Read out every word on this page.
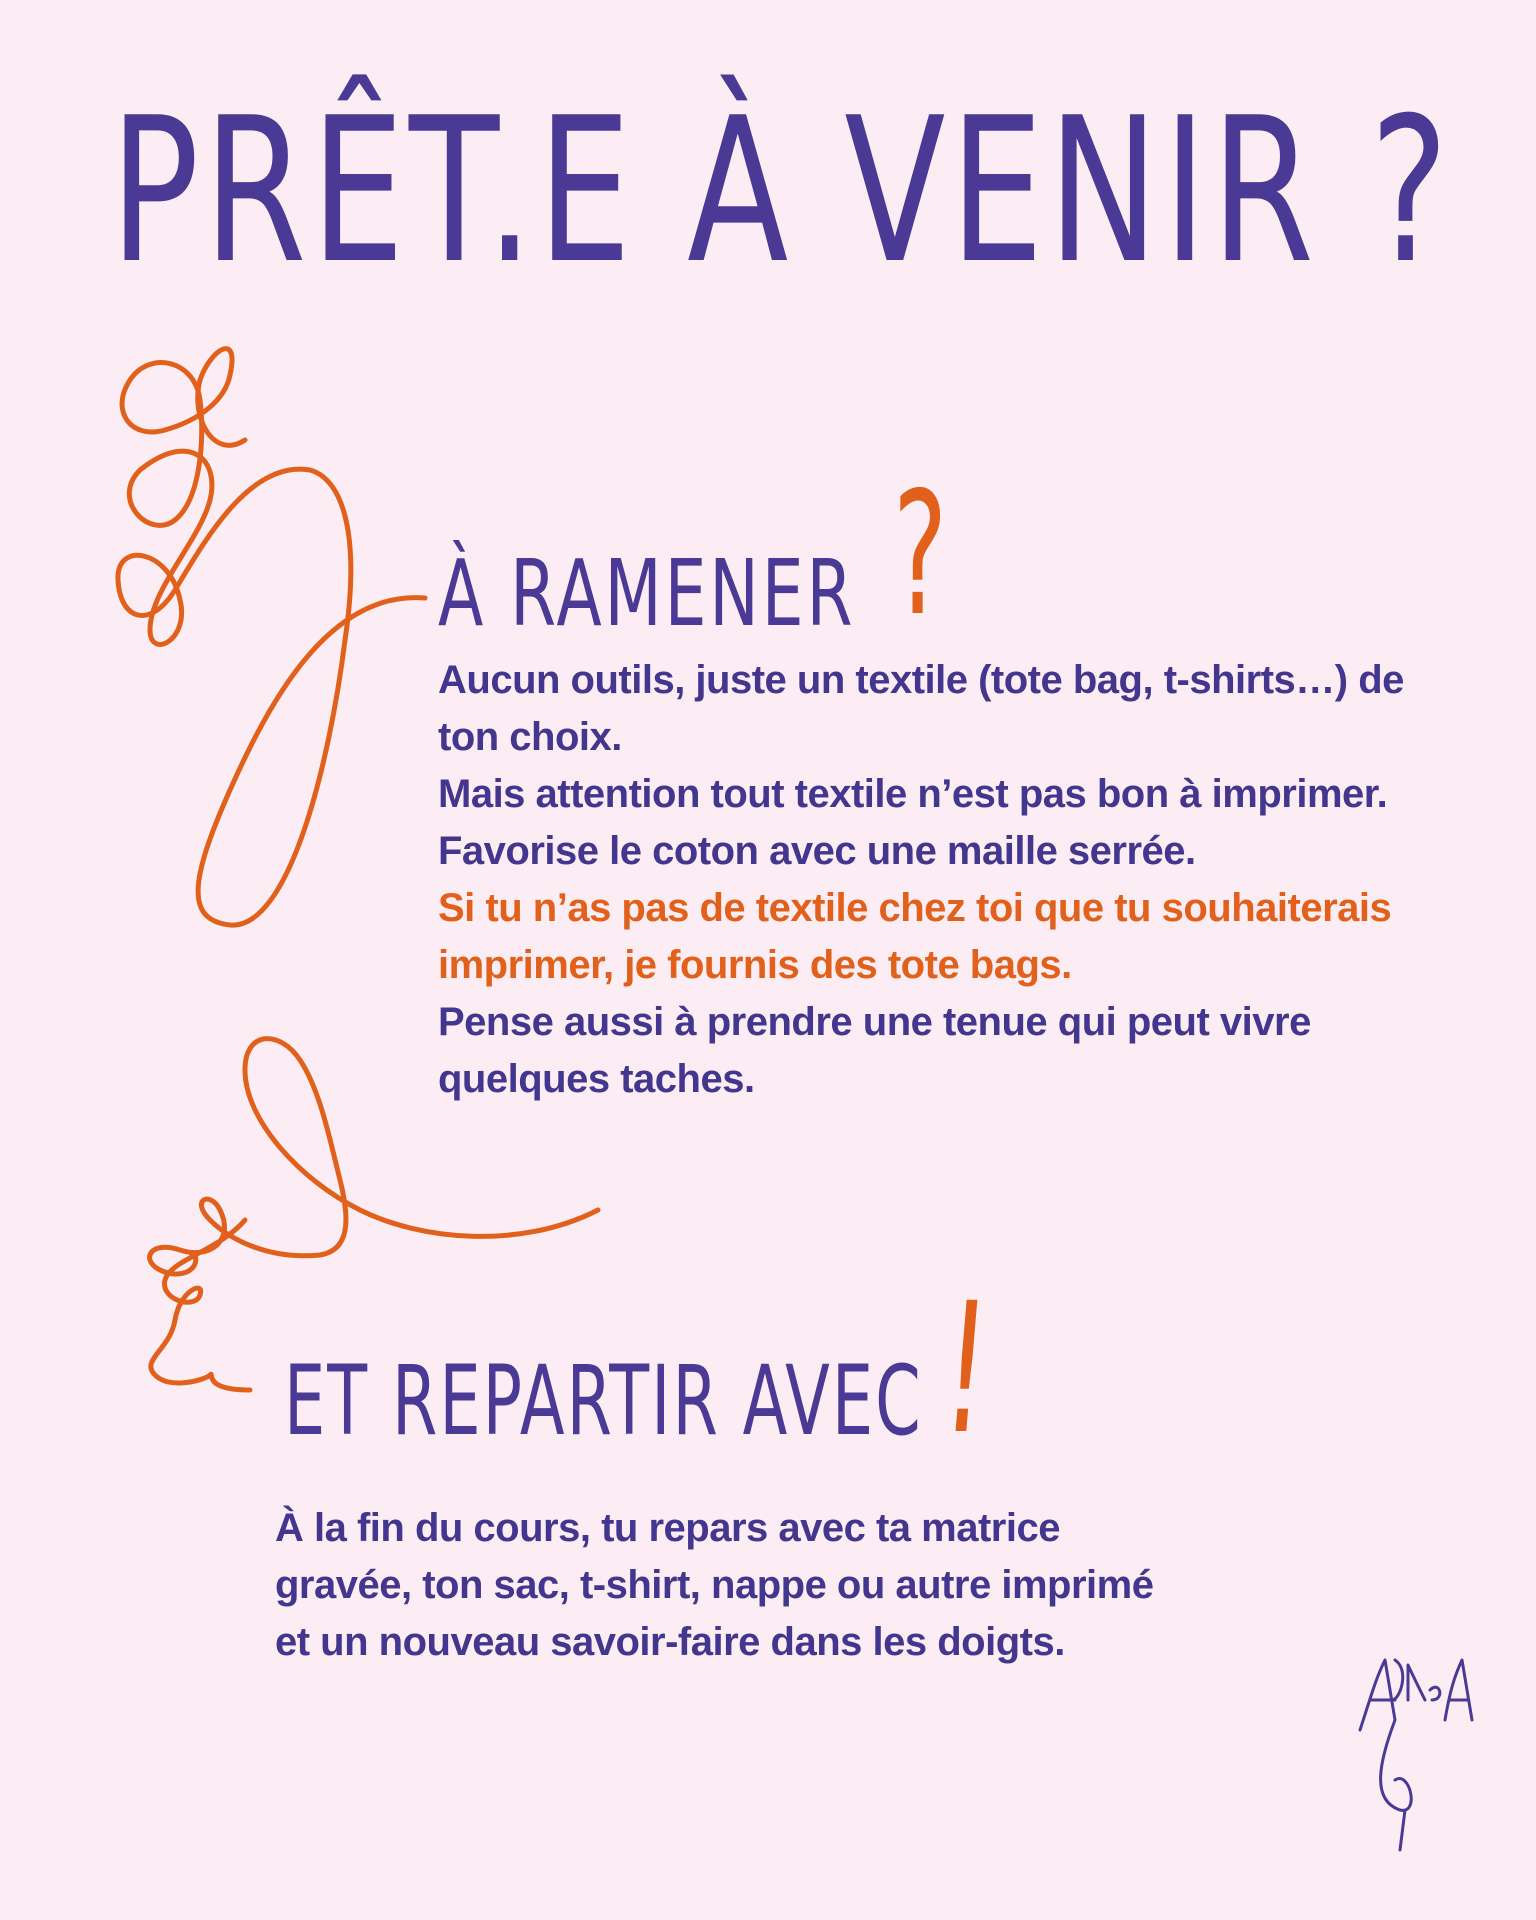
PRÊT.E À VENIR ?
À RAMENER ?

Aucun outils, juste un textile (tote bag, t-shirts…) de ton choix.

Mais attention tout textile n’est pas bon à imprimer. Favorise le coton avec une maille serrée.

Si tu n’as pas de textile chez toi que tu souhaiterais imprimer, je fournis des tote bags.

Pense aussi à prendre une tenue qui peut vivre quelques taches.

ET REPARTIR AVEC !

À la fin du cours, tu repars avec ta matrice gravée, ton sac, t-shirt, nappe ou autre imprimé et un nouveau savoir-faire dans les doigts.
